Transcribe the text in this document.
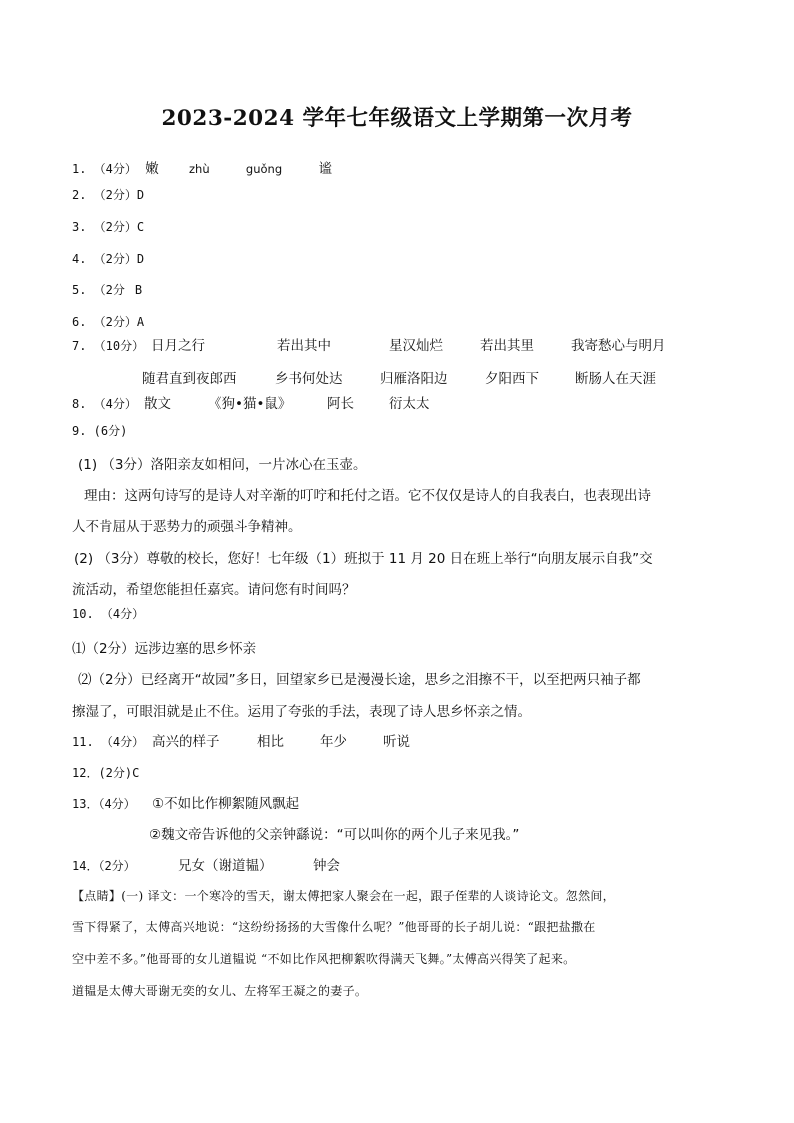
2023-2024 学年七年级语文上学期第一次月考
1. （4分） 嫩	zhù	guǒng	谧
2. （2分）D
3. （2分）C
4. （2分）D
5. （2分 B
6. （2分）A
7. （10分） 日月之行	若出其中	星汉灿烂	若出其里	我寄愁心与明月
随君直到夜郎西	乡书何处达	归雁洛阳边	夕阳西下	断肠人在天涯
8. （4分） 散文	《狗•猫•鼠》	阿长	衍太太
9. (6分)
(1) （3分）洛阳亲友如相问，一片冰心在玉壶。
理由：这两句诗写的是诗人对辛渐的叮咛和托付之语。它不仅仅是诗人的自我表白，也表现出诗
人不肯屈从于恶势力的顽强斗争精神。
(2) （3分）尊敬的校长，您好！七年级（1）班拟于 11 月 20 日在班上举行“向朋友展示自我”交
流活动，希望您能担任嘉宾。请问您有时间吗？
10. （4分）
⑴（2分）远涉边塞的思乡怀亲
⑵（2分）已经离开“故园”多日，回望家乡已是漫漫长途，思乡之泪擦不干，以至把两只袖子都
擦湿了，可眼泪就是止不住。运用了夸张的手法，表现了诗人思乡怀亲之情。
11. （4分） 高兴的样子	相比	年少	听说
12．(2分)C
13．（4分） ①不如比作柳絮随风飘起
②魏文帝告诉他的父亲钟繇说：“可以叫你的两个儿子来见我。”
14．（2分）	兄女（谢道韫）	钟会
【点睛】(一) 译文：一个寒冷的雪天，谢太傅把家人聚会在一起，跟子侄辈的人谈诗论文。忽然间，
雪下得紧了，太傅高兴地说：“这纷纷扬扬的大雪像什么呢？”他哥哥的长子胡儿说：“跟把盐撒在
空中差不多。”他哥哥的女儿道韫说 “不如比作风把柳絮吹得满天飞舞。”太傅高兴得笑了起来。
道韫是太傅大哥谢无奕的女儿、左将军王凝之的妻子。
